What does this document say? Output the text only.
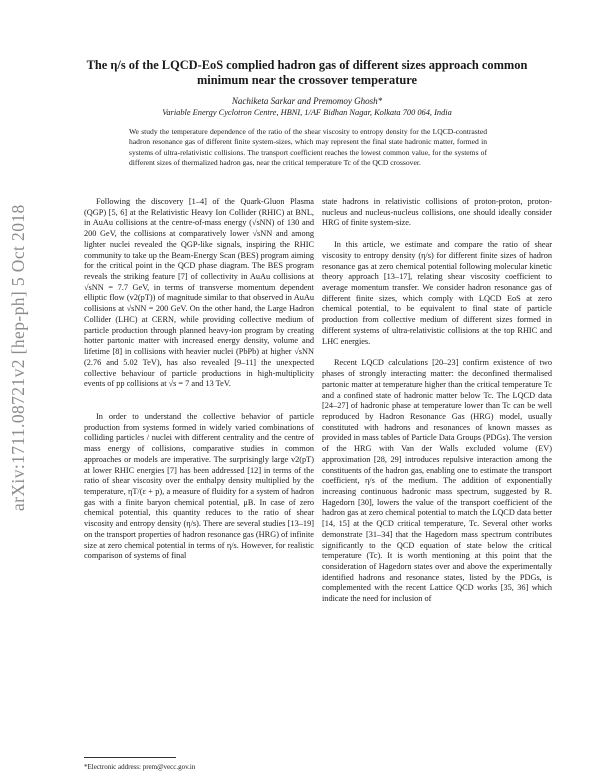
arXiv:1711.08721v2 [hep-ph] 5 Oct 2018
The η/s of the LQCD-EoS complied hadron gas of different sizes approach common minimum near the crossover temperature
Nachiketa Sarkar and Premomoy Ghosh*
Variable Energy Cyclotron Centre, HBNI, 1/AF Bidhan Nagar, Kolkata 700 064, India
We study the temperature dependence of the ratio of the shear viscosity to entropy density for the LQCD-contrasted hadron resonance gas of different finite system-sizes, which may represent the final state hadronic matter, formed in systems of ultra-relativistic collisions. The transport coefficient reaches the lowest common value, for the systems of different sizes of thermalized hadron gas, near the critical temperature Tc of the QCD crossover.

Following the discovery [1–4] of the Quark-Gluon Plasma (QGP) [5, 6] at the Relativistic Heavy Ion Collider (RHIC) at BNL, in AuAu collisions at the centre-of-mass energy (√sNN) of 130 and 200 GeV, the collisions at comparatively lower √sNN and among lighter nuclei revealed the QGP-like signals, inspiring the RHIC community to take up the Beam-Energy Scan (BES) program aiming for the critical point in the QCD phase diagram. The BES program reveals the striking feature [7] of collectivity in AuAu collisions at √sNN = 7.7 GeV, in terms of transverse momentum dependent elliptic flow (v2(pT)) of magnitude similar to that observed in AuAu collisions at √sNN = 200 GeV. On the other hand, the Large Hadron Collider (LHC) at CERN, while providing collective medium of particle production through planned heavy-ion program by creating hotter partonic matter with increased energy density, volume and lifetime [8] in collisions with heavier nuclei (PbPb) at higher √sNN (2.76 and 5.02 TeV), has also revealed [9–11] the unexpected collective behaviour of particle productions in high-multiplicity events of pp collisions at √s = 7 and 13 TeV.

In order to understand the collective behavior of particle production from systems formed in widely varied combinations of colliding particles / nuclei with different centrality and the centre of mass energy of collisions, comparative studies in common approaches or models are imperative. The surprisingly large v2(pT) at lower RHIC energies [7] has been addressed [12] in terms of the ratio of shear viscosity over the enthalpy density multiplied by the temperature, ηT/(ε + p), a measure of fluidity for a system of hadron gas with a finite baryon chemical potential, μB. In case of zero chemical potential, this quantity reduces to the ratio of shear viscosity and entropy density (η/s). There are several studies [13–19] on the transport properties of hadron resonance gas (HRG) of infinite size at zero chemical potential in terms of η/s. However, for realistic comparison of systems of final

state hadrons in relativistic collisions of proton-proton, proton-nucleus and nucleus-nucleus collisions, one should ideally consider HRG of finite system-size.

In this article, we estimate and compare the ratio of shear viscosity to entropy density (η/s) for different finite sizes of hadron resonance gas at zero chemical potential following molecular kinetic theory approach [13–17], relating shear viscosity coefficient to average momentum transfer. We consider hadron resonance gas of different finite sizes, which comply with LQCD EoS at zero chemical potential, to be equivalent to final state of particle production from collective medium of different sizes formed in different systems of ultra-relativistic collisions at the top RHIC and LHC energies.

Recent LQCD calculations [20–23] confirm existence of two phases of strongly interacting matter: the deconfined thermalised partonic matter at temperature higher than the critical temperature Tc and a confined state of hadronic matter below Tc. The LQCD data [24–27] of hadronic phase at temperature lower than Tc can be well reproduced by Hadron Resonance Gas (HRG) model, usually constituted with hadrons and resonances of known masses as provided in mass tables of Particle Data Groups (PDGs). The version of the HRG with Van der Walls excluded volume (EV) approximation [28, 29] introduces repulsive interaction among the constituents of the hadron gas, enabling one to estimate the transport coefficient, η/s of the medium. The addition of exponentially increasing continuous hadronic mass spectrum, suggested by R. Hagedorn [30], lowers the value of the transport coefficient of the hadron gas at zero chemical potential to match the LQCD data better [14, 15] at the QCD critical temperature, Tc. Several other works demonstrate [31–34] that the Hagedorn mass spectrum contributes significantly to the QCD equation of state below the critical temperature (Tc). It is worth mentioning at this point that the consideration of Hagedorn states over and above the experimentally identified hadrons and resonance states, listed by the PDGs, is complemented with the recent Lattice QCD works [35, 36] which indicate the need for inclusion of

*Electronic address: prem@vecc.gov.in
